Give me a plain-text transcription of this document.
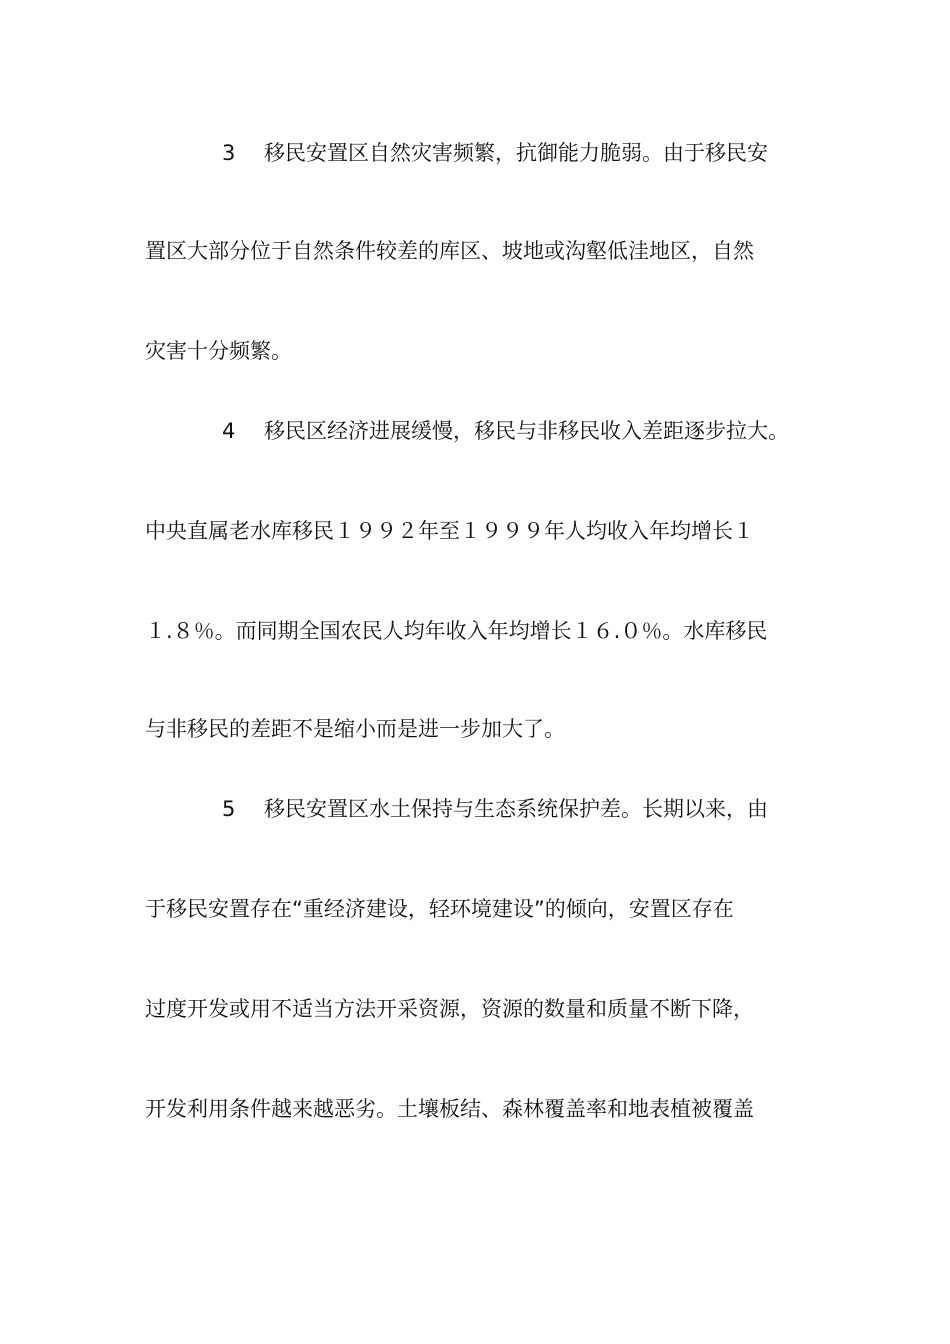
3 移民安置区自然灾害频繁，抗御能力脆弱。由于移民安
置区大部分位于自然条件较差的库区、坡地或沟壑低洼地区，自然
灾害十分频繁。
4 移民区经济进展缓慢，移民与非移民收入差距逐步拉大。
中央直属老水库移民１９９２年至１９９９年人均收入年均增长１
１.８％。而同期全国农民人均年收入年均增长１６.０％。水库移民
与非移民的差距不是缩小而是进一步加大了。
5 移民安置区水土保持与生态系统保护差。长期以来，由
于移民安置存在“重经济建设，轻环境建设”的倾向，安置区存在
过度开发或用不适当方法开采资源，资源的数量和质量不断下降，
开发利用条件越来越恶劣。土壤板结、森林覆盖率和地表植被覆盖
